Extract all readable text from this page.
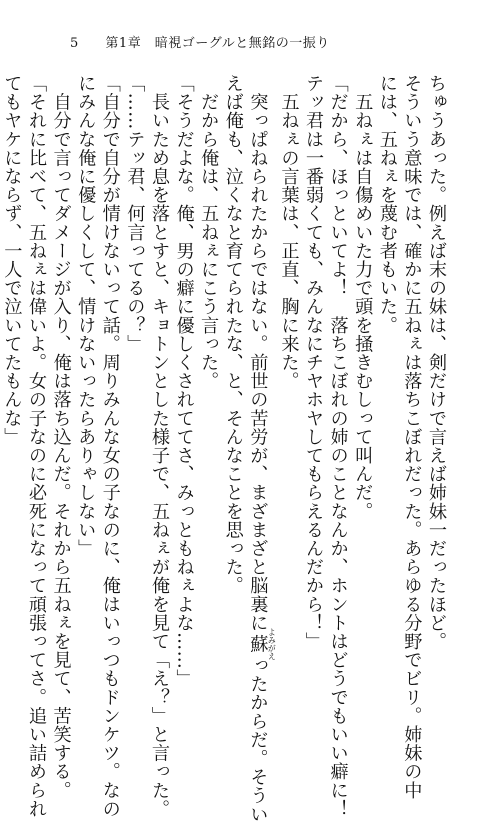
5 第1章　暗視ゴーグルと無銘の一振り
ちゅうあった。例えば末の妹は、剣だけで言えば姉妹一だったほど。
そういう意味では、確かに五ねぇは落ちこぼれだった。あらゆる分野でビリ。姉妹の中
には、五ねぇを蔑む者もいた。
　五ねぇは自傷めいた力で頭を掻きむしって叫んだ。
「だから、ほっといてよ！　落ちこぼれの姉のことなんか、ホントはどうでもいい癖に！
テッ君は一番弱くても、みんなにチヤホヤしてもらえるんだから！」
　五ねぇの言葉は、正直、胸に来た。
　突っぱねられたからではない。前世の苦労が、まざまざと脳裏に蘇 よみがえったからだ。そうい
えば俺も、泣くなと育てられたな、と、そんなことを思った。
　だから俺は、五ねぇにこう言った。
「そうだよな。俺、男の癖に優しくされててさ、みっともねぇよな……」
　長いため息を落とすと、キョトンとした様子で、五ねぇが俺を見て「え？」と言った。
「……テッ君、何言ってるの？」
「自分で自分が情けないって話。周りみんな女の子なのに、俺はいっつもドンケツ。なの
にみんな俺に優しくして、情けないったらありゃしない」
　自分で言ってダメージが入り、俺は落ち込んだ。それから五ねぇを見て、苦笑する。
「それに比べて、五ねぇは偉いよ。女の子なのに必死になって頑張ってさ。追い詰められ
てもヤケにならず、一人で泣いてたもんな」
